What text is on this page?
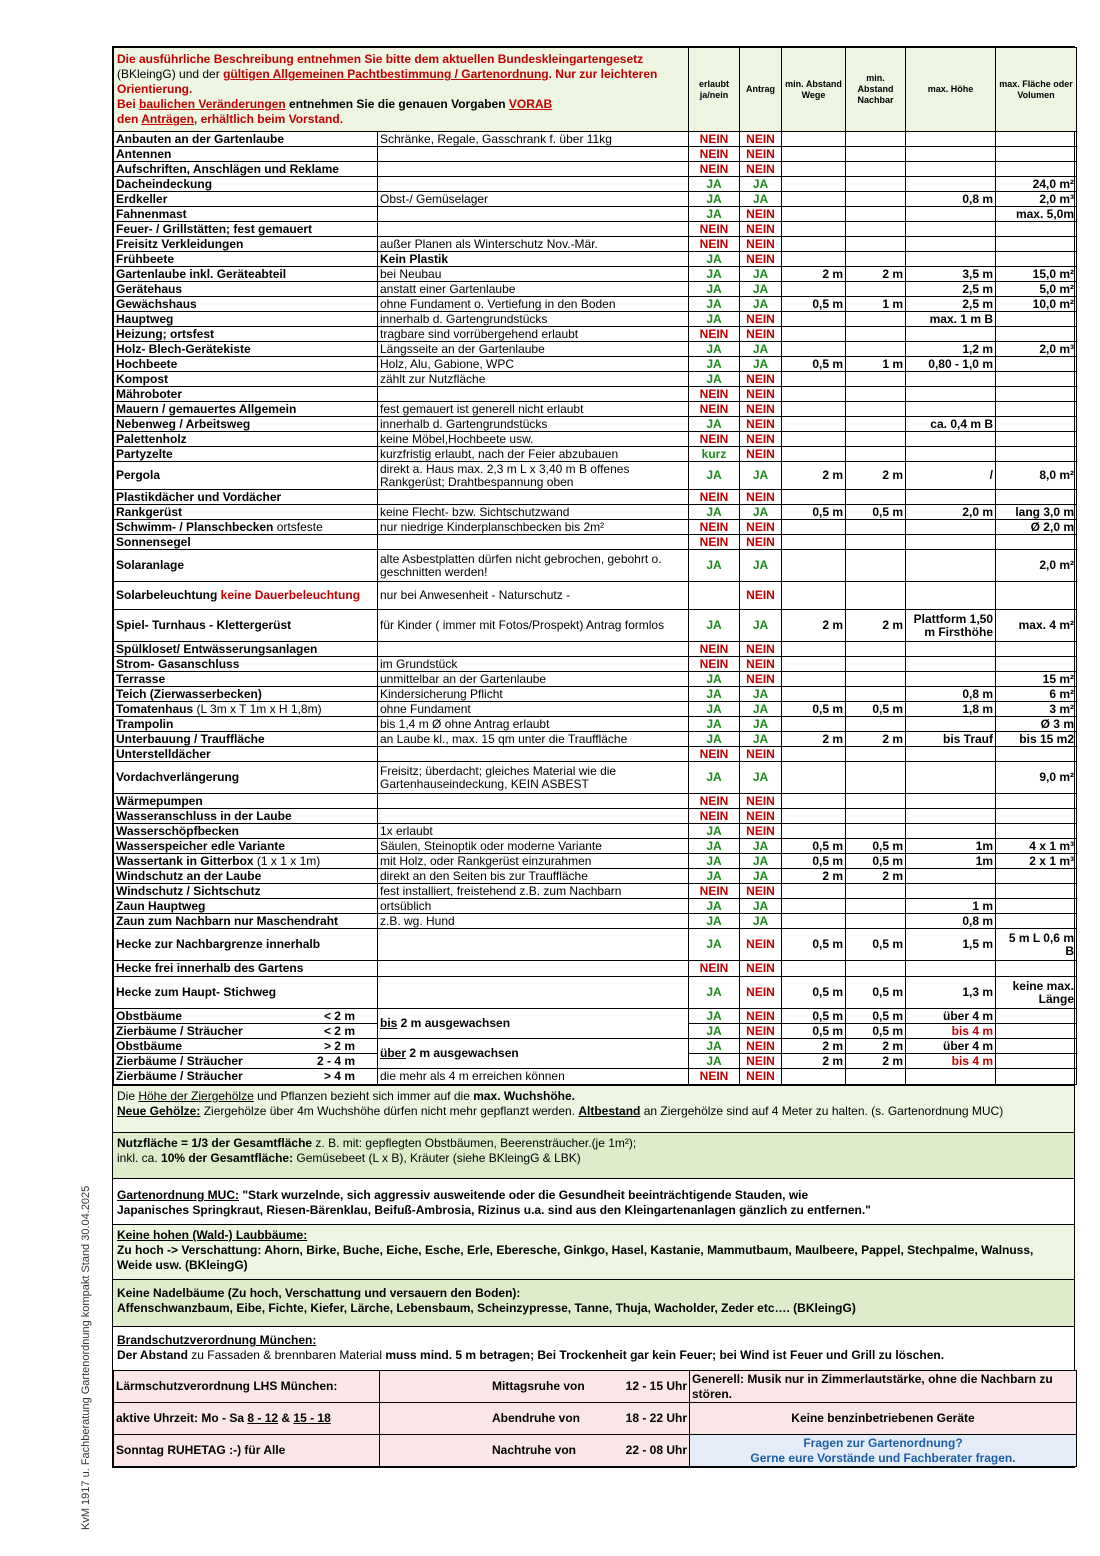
Die ausführliche Beschreibung entnehmen Sie bitte dem aktuellen Bundeskleingartengesetz
(BKleingG) und der gültigen Allgemeinen Pachtbestimmung / Gartenordnung. Nur zur leichteren
Orientierung.
Bei baulichen Veränderungen entnehmen Sie die genauen Vorgaben VORAB
den Anträgen, erhältlich beim Vorstand.		erlaubt ja/nein	Antrag	min. Abstand Wege	min. Abstand Nachbar	max. Höhe	max. Fläche oder Volumen
Anbauten an der Gartenlaube	Schränke, Regale, Gasschrank f. über 11kg	NEIN	NEIN				
Antennen		NEIN	NEIN				
Aufschriften, Anschlägen und Reklame		NEIN	NEIN				
Dacheindeckung		JA	JA				24,0 m²
Erdkeller	Obst-/ Gemüselager	JA	JA			0,8 m	2,0 m³
Fahnenmast		JA	NEIN				max. 5,0m
Feuer- / Grillstätten; fest gemauert		NEIN	NEIN				
Freisitz Verkleidungen	außer Planen als Winterschutz Nov.-Mär.	NEIN	NEIN				
Frühbeete	Kein Plastik	JA	NEIN				
Gartenlaube inkl. Geräteabteil	bei Neubau	JA	JA	2 m	2 m	3,5 m	15,0 m²
Gerätehaus	anstatt einer Gartenlaube	JA	JA			2,5 m	5,0 m²
Gewächshaus	ohne Fundament o. Vertiefung in den Boden	JA	JA	0,5 m	1 m	2,5 m	10,0 m²
Hauptweg	innerhalb d. Gartengrundstücks	JA	NEIN			max. 1 m B	
Heizung; ortsfest	tragbare sind vorrübergehend erlaubt	NEIN	NEIN				
Holz- Blech-Gerätekiste	Längsseite an der Gartenlaube	JA	JA			1,2 m	2,0 m³
Hochbeete	Holz, Alu, Gabione, WPC	JA	JA	0,5 m	1 m	0,80 - 1,0 m	
Kompost	zählt zur Nutzfläche	JA	NEIN				
Mähroboter		NEIN	NEIN				
Mauern / gemauertes Allgemein	fest gemauert ist generell nicht erlaubt	NEIN	NEIN				
Nebenweg / Arbeitsweg	innerhalb d. Gartengrundstücks	JA	NEIN			ca. 0,4 m B	
Palettenholz	keine Möbel,Hochbeete usw.	NEIN	NEIN				
Partyzelte	kurzfristig erlaubt, nach der Feier abzubauen	kurz	NEIN				
Pergola	direkt a. Haus max. 2,3 m L x 3,40 m B offenes Rankgerüst; Drahtbespannung oben	JA	JA	2 m	2 m	/	8,0 m²
Plastikdächer und Vordächer		NEIN	NEIN				
Rankgerüst	keine Flecht- bzw. Sichtschutzwand	JA	JA	0,5 m	0,5 m	2,0 m	lang 3,0 m
Schwimm- / Planschbecken ortsfeste	nur niedrige Kinderplanschbecken bis 2m²	NEIN	NEIN				Ø 2,0 m
Sonnensegel		NEIN	NEIN				
Solaranlage	alte Asbestplatten dürfen nicht gebrochen, gebohrt o. geschnitten werden!	JA	JA				2,0 m²
Solarbeleuchtung keine Dauerbeleuchtung	nur bei Anwesenheit - Naturschutz -		NEIN				
Spiel- Turnhaus - Klettergerüst	für Kinder ( immer mit Fotos/Prospekt) Antrag formlos	JA	JA	2 m	2 m	Plattform 1,50 m Firsthöhe	max. 4 m²
Spülkloset/ Entwässerungsanlagen		NEIN	NEIN				
Strom- Gasanschluss	im Grundstück	NEIN	NEIN				
Terrasse	unmittelbar an der Gartenlaube	JA	NEIN				15 m²
Teich (Zierwasserbecken)	Kindersicherung Pflicht	JA	JA			0,8 m	6 m²
Tomatenhaus (L 3m x T 1m x H 1,8m)	ohne Fundament	JA	JA	0,5 m	0,5 m	1,8 m	3 m²
Trampolin	bis 1,4 m Ø ohne Antrag erlaubt	JA	JA				Ø 3 m
Unterbauung / Trauffläche	an Laube kl., max. 15 qm unter die Trauffläche	JA	JA	2 m	2 m	bis Trauf	bis 15 m2
Unterstelldächer		NEIN	NEIN				
Vordachverlängerung	Freisitz; überdacht; gleiches Material wie die Gartenhauseindeckung, KEIN ASBEST	JA	JA				9,0 m²
Wärmepumpen		NEIN	NEIN				
Wasseranschluss in der Laube		NEIN	NEIN				
Wasserschöpfbecken	1x erlaubt	JA	NEIN				
Wasserspeicher edle Variante	Säulen, Steinoptik oder moderne Variante	JA	JA	0,5 m	0,5 m	1m	4 x 1 m³
Wassertank in Gitterbox (1 x 1 x 1m)	mit Holz, oder Rankgerüst einzurahmen	JA	JA	0,5 m	0,5 m	1m	2 x 1 m³
Windschutz an der Laube	direkt an den Seiten bis zur Trauffläche	JA	JA	2 m	2 m		
Windschutz / Sichtschutz	fest installiert, freistehend z.B. zum Nachbarn	NEIN	NEIN				
Zaun Hauptweg	ortsüblich	JA	JA			1 m	
Zaun zum Nachbarn nur Maschendraht	z.B. wg. Hund	JA	JA			0,8 m	
Hecke zur Nachbargrenze innerhalb		JA	NEIN	0,5 m	0,5 m	1,5 m	5 m L 0,6 m B
Hecke frei innerhalb des Gartens		NEIN	NEIN				
Hecke zum Haupt- Stichweg		JA	NEIN	0,5 m	0,5 m	1,3 m	keine max. Länge
Obstbäume < 2 m	bis 2 m ausgewachsen	JA	NEIN	0,5 m	0,5 m	über 4 m	
Zierbäume / Sträucher < 2 m		JA	NEIN	0,5 m	0,5 m	bis 4 m	
Obstbäume > 2 m	über 2 m ausgewachsen	JA	NEIN	2 m	2 m	über 4 m	
Zierbäume / Sträucher 2 - 4 m		JA	NEIN	2 m	2 m	bis 4 m	
Zierbäume / Sträucher > 4 m	die mehr als 4 m erreichen können	NEIN	NEIN				
Die Höhe der Ziergehölze und Pflanzen bezieht sich immer auf die max. Wuchshöhe.
Neue Gehölze: Ziergehölze über 4m Wuchshöhe dürfen nicht mehr gepflanzt werden. Altbestand an Ziergehölze sind auf 4 Meter zu halten. (s. Gartenordnung MUC)
Nutzfläche = 1/3 der Gesamtfläche z. B. mit: gepflegten Obstbäumen, Beerensträucher.(je 1m²);
inkl. ca. 10% der Gesamtfläche: Gemüsebeet (L x B), Kräuter (siehe BKleingG & LBK)
Gartenordnung MUC: "Stark wurzelnde, sich aggressiv ausweitende oder die Gesundheit beeinträchtigende Stauden, wie
Japanisches Springkraut, Riesen-Bärenklau, Beifuß-Ambrosia, Rizinus u.a. sind aus den Kleingartenanlagen gänzlich zu entfernen."
Keine hohen (Wald-) Laubbäume:
Zu hoch -> Verschattung: Ahorn, Birke, Buche, Eiche, Esche, Erle, Eberesche, Ginkgo, Hasel, Kastanie, Mammutbaum, Maulbeere, Pappel, Stechpalme, Walnuss, Weide usw. (BKleingG)
Keine Nadelbäume (Zu hoch, Verschattung und versauern den Boden):
Affenschwanzbaum, Eibe, Fichte, Kiefer, Lärche, Lebensbaum, Scheinzypresse, Tanne, Thuja, Wacholder, Zeder etc…. (BKleingG)
Brandschutzverordnung München:
Der Abstand zu Fassaden & brennbaren Material muss mind. 5 m betragen; Bei Trockenheit gar kein Feuer; bei Wind ist Feuer und Grill zu löschen.
Lärmschutzverordnung LHS München:	Mittagsruhe von 12 - 15 Uhr	Generell: Musik nur in Zimmerlautstärke, ohne die Nachbarn zu stören.
aktive Uhrzeit: Mo - Sa 8 - 12 & 15 - 18	Abendruhe von 18 - 22 Uhr	Keine benzinbetriebenen Geräte
Sonntag RUHETAG :-) für Alle	Nachtruhe von 22 - 08 Uhr	Fragen zur Gartenordnung?
Gerne eure Vorstände und Fachberater fragen.
KvM 1917 u. Fachberatung Gartenordnung kompakt Stand 30.04.2025
